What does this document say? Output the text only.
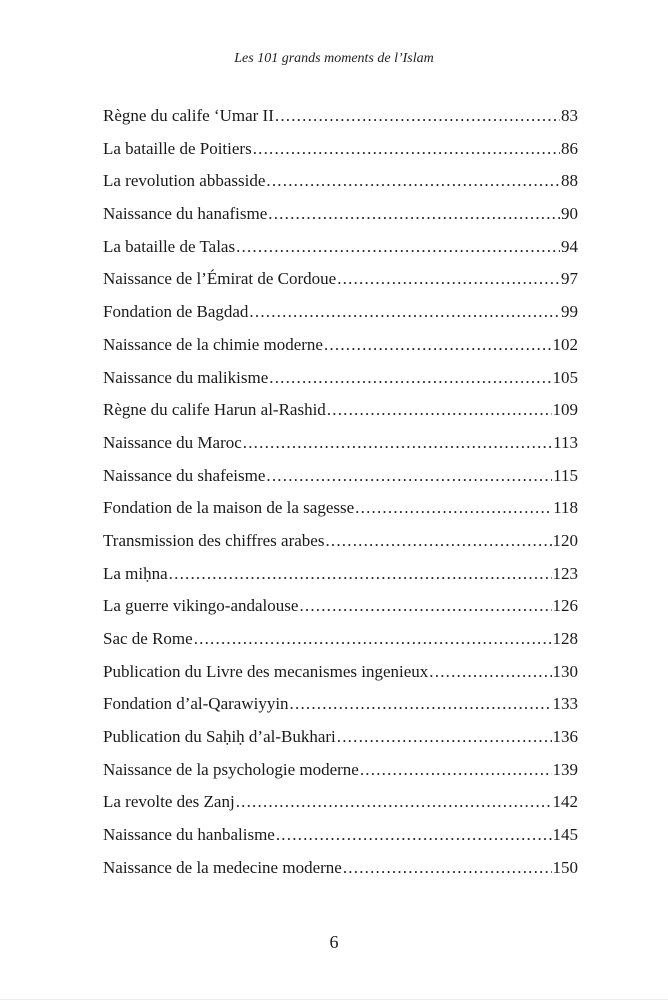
Les 101 grands moments de l’Islam
Règne du calife ‘Umar II .....	83
La bataille de Poitiers .....	86
La revolution abbasside .....	88
Naissance du hanafisme .....	90
La bataille de Talas .....	94
Naissance de l’Émirat de Cordoue .....	97
Fondation de Bagdad .....	99
Naissance de la chimie moderne .....	102
Naissance du malikisme .....	105
Règne du calife Harun al-Rashid .....	109
Naissance du Maroc .....	113
Naissance du shafeisme .....	115
Fondation de la maison de la sagesse .....	118
Transmission des chiffres arabes .....	120
La miḥna .....	123
La guerre vikingo-andalouse .....	126
Sac de Rome .....	128
Publication du Livre des mecanismes ingenieux .....	130
Fondation d’al-Qarawiyyin .....	133
Publication du Saḥiḥ d’al-Bukhari .....	136
Naissance de la psychologie moderne .....	139
La revolte des Zanj .....	142
Naissance du hanbalisme .....	145
Naissance de la medecine moderne .....	150
6
